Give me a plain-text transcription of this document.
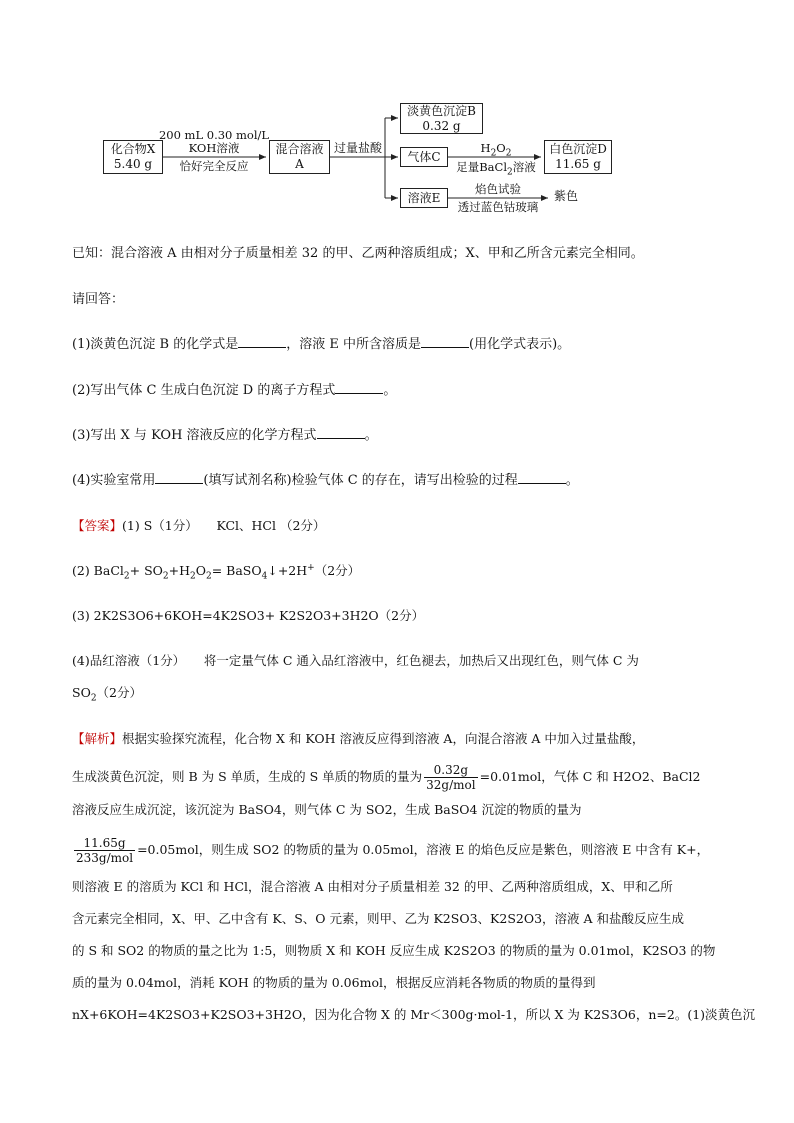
化合物X
5.40 g
200 mL 0.30 mol/L
KOH溶液
恰好完全反应
混合溶液
A
过量盐酸
淡黄色沉淀B
0.32 g
气体C
$H_2O_2$
足量BaCl$_2$溶液
白色沉淀D
11.65 g
溶液E
焰色试验
透过蓝色钴玻璃
紫色
已知：混合溶液 A 由相对分子质量相差 32 的甲、乙两种溶质组成；X、甲和乙所含元素完全相同。
请回答：
(1)淡黄色沉淀 B 的化学式是	，溶液 E 中所含溶质是	(用化学式表示)。
(2)写出气体 C 生成白色沉淀 D 的离子方程式	。
(3)写出 X 与 KOH 溶液反应的化学方程式	。
(4)实验室常用	(填写试剂名称)检验气体 C 的存在，请写出检验的过程	。
【答案】(1) S（1分）　　KCl、HCl （2分）
(2) BaCl$_2$+ $SO_2+H_2O_2=$ BaSO$_4$↓+2H+（2分）
(3) 2K2S3O6+6KOH=4K2SO3+ K2S2O3+3H2O（2分）
(4)品红溶液（1分）　　将一定量气体 C 通入品红溶液中，红色褪去，加热后又出现红色，则气体 C 为
$SO_2(2$分）
【解析】根据实验探究流程，化合物 X 和 KOH 溶液反应得到溶液 A，向混合溶液 A 中加入过量盐酸，
生成淡黄色沉淀，则 B 为 S 单质，生成的 S 单质的物质的量为 $\frac{0.32g}{\text{32g/mol}} =0.01mol$，气体 C 和 H2O2、BaCl2
溶液反应生成沉淀，该沉淀为 BaSO4，则气体 C 为 SO2，生成 BaSO4 沉淀的物质的量为
$\frac{11.65g}{\text{233g/mol}} =0.05mol$，则生成 SO2 的物质的量为 0.05mol，溶液 E 的焰色反应是紫色，则溶液 E 中含有 K+，
则溶液 E 的溶质为 KCl 和 HCl，混合溶液 A 由相对分子质量相差 32 的甲、乙两种溶质组成，X、甲和乙所
含元素完全相同，X、甲、乙中含有 K、S、O 元素，则甲、乙为 K2SO3、K2S2O3，溶液 A 和盐酸反应生成
的 S 和 SO2 的物质的量之比为 1:5，则物质 X 和 KOH 反应生成 K2S2O3 的物质的量为 0.01mol，K2SO3 的物
质的量为 0.04mol，消耗 KOH 的物质的量为 0.06mol，根据反应消耗各物质的物质的量得到
nX+6KOH=4K2SO3+K2SO3+3H2O，因为化合物 X 的 Mr＜300g·mol-1，所以 X 为 K2S3O6，n=2。(1)淡黄色沉
